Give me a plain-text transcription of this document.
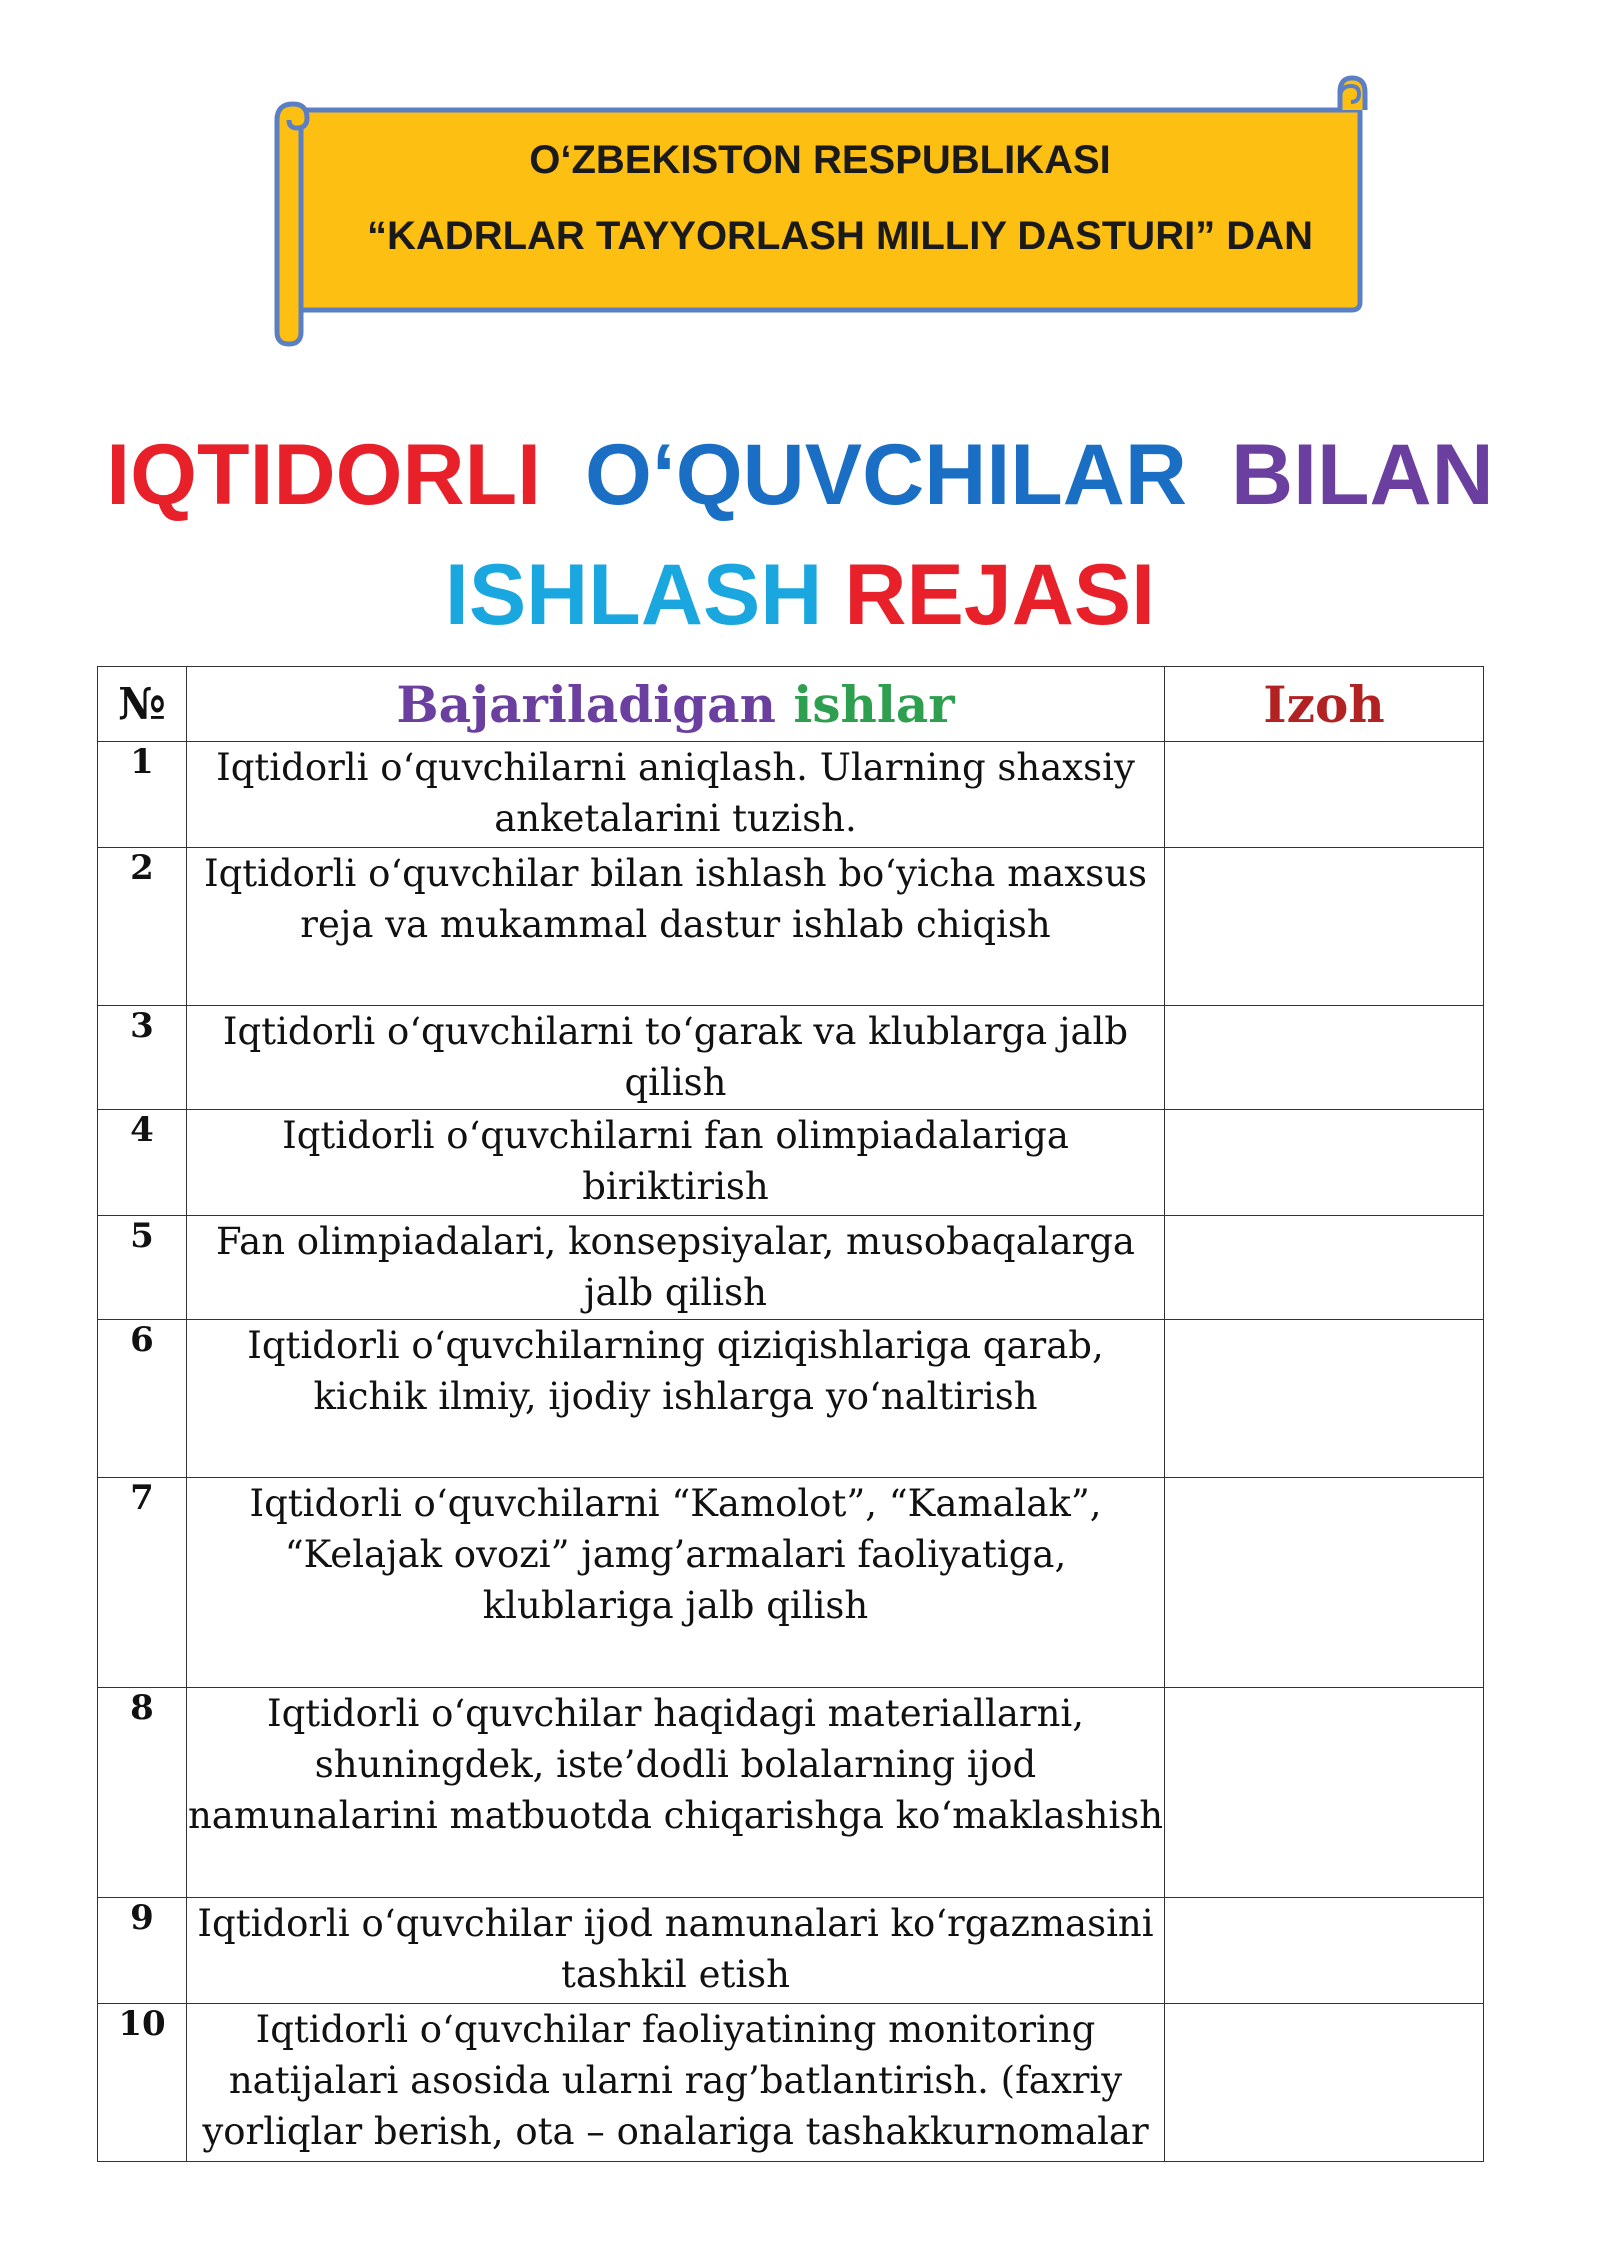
O‘ZBEKISTON RESPUBLIKASI
“KADRLAR TAYYORLASH MILLIY DASTURI” DAN
IQTIDORLI O‘QUVCHILAR BILAN
ISHLASH REJASI
№	Bajariladigan ishlar	Izoh
1	Iqtidorli o‘quvchilarni aniqlash. Ularning shaxsiy anketalarini tuzish.	
2	Iqtidorli o‘quvchilar bilan ishlash bo‘yicha maxsus reja va mukammal dastur ishlab chiqish	
3	Iqtidorli o‘quvchilarni to‘garak va klublarga jalb qilish	
4	Iqtidorli o‘quvchilarni fan olimpiadalariga biriktirish	
5	Fan olimpiadalari, konsepsiyalar, musobaqalarga jalb qilish	
6	Iqtidorli o‘quvchilarning qiziqishlariga qarab, kichik ilmiy, ijodiy ishlarga yo‘naltirish	
7	Iqtidorli o‘quvchilarni “Kamolot”, “Kamalak”, “Kelajak ovozi” jamg’armalari faoliyatiga, klublariga jalb qilish	
8	Iqtidorli o‘quvchilar haqidagi materiallarni, shuningdek, iste’dodli bolalarning ijod namunalarini matbuotda chiqarishga ko‘maklashish	
9	Iqtidorli o‘quvchilar ijod namunalari ko‘rgazmasini tashkil etish	
10	Iqtidorli o‘quvchilar faoliyatining monitoring natijalari asosida ularni rag’batlantirish. (faxriy yorliqlar berish, ota – onalariga tashakkurnomalar	
